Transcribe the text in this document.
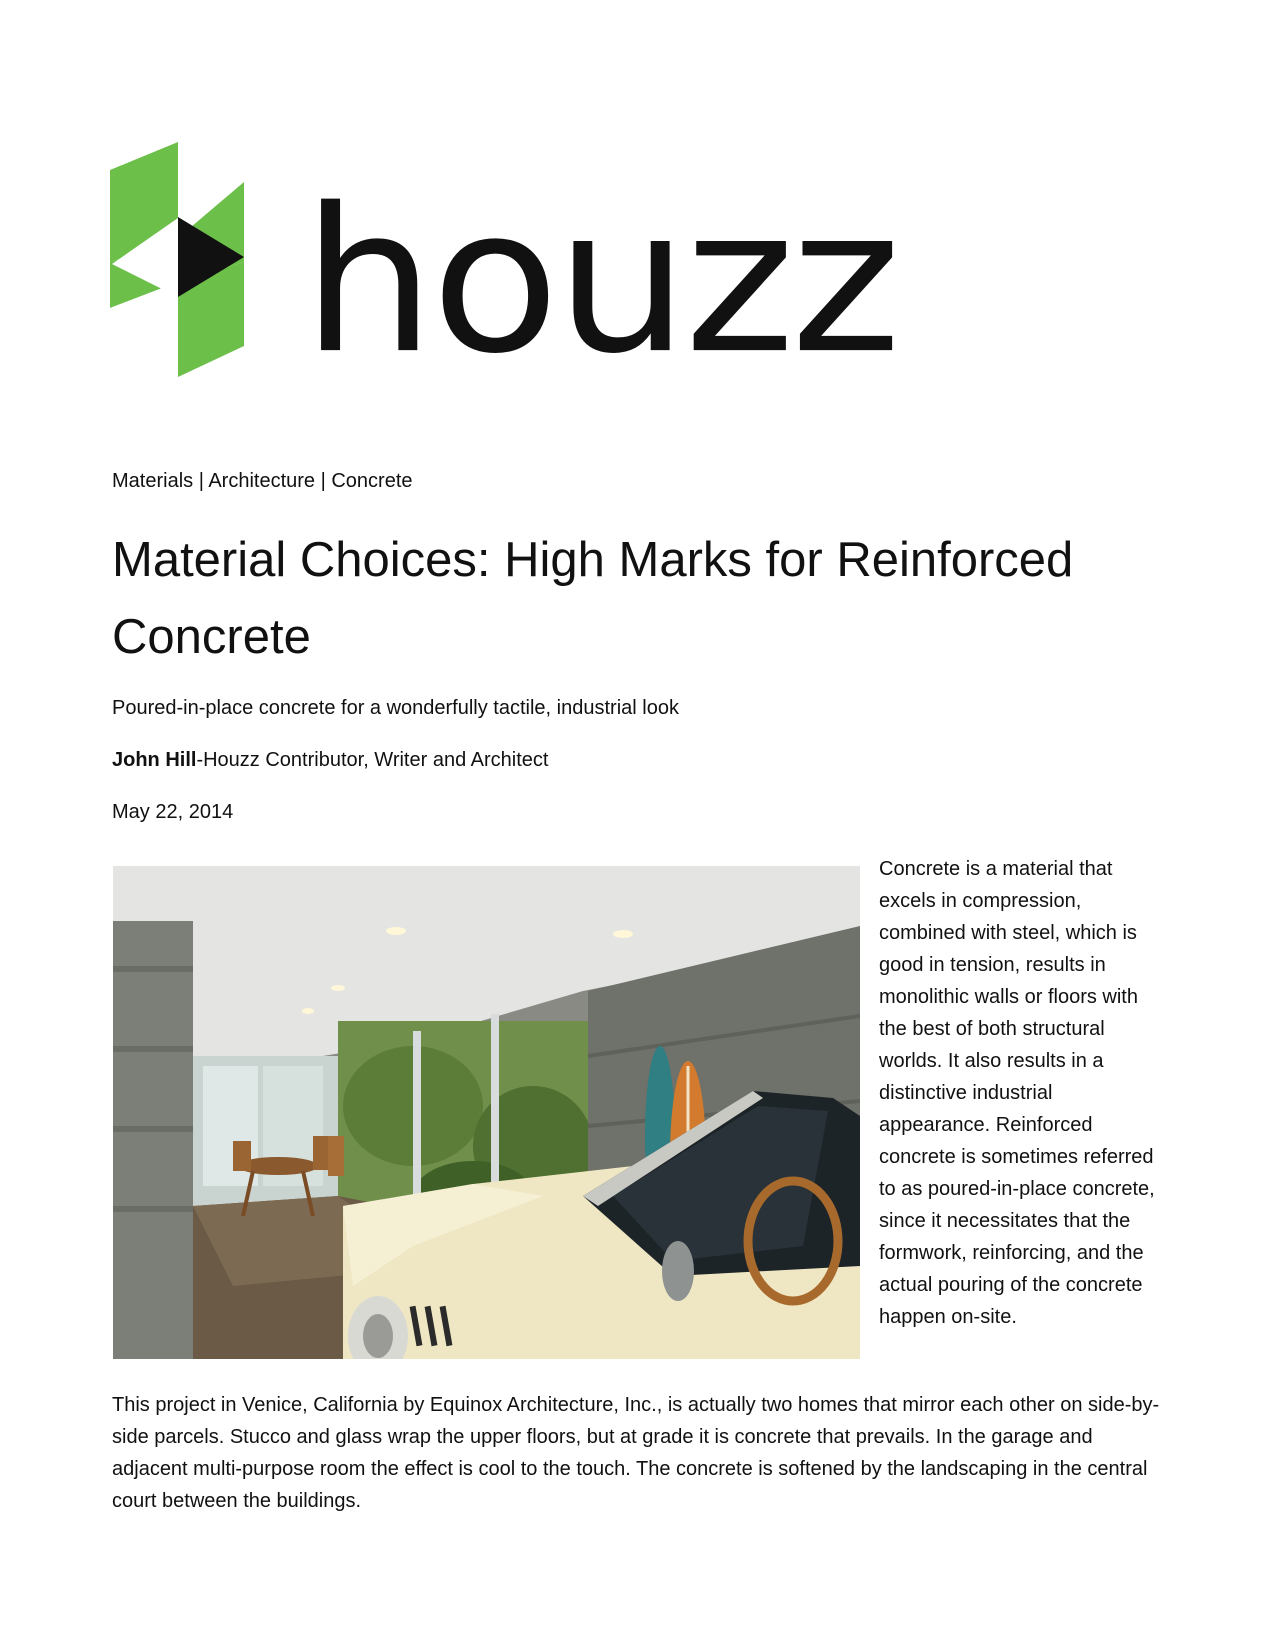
houzz
Materials | Architecture | Concrete
Material Choices: High Marks for Reinforced Concrete
Poured-in-place concrete for a wonderfully tactile, industrial look
John Hill-Houzz Contributor, Writer and Architect
May 22, 2014
Concrete is a material that excels in compression, combined with steel, which is good in tension, results in monolithic walls or floors with the best of both structural worlds. It also results in a distinctive industrial appearance. Reinforced concrete is sometimes referred to as poured-in-place concrete, since it necessitates that the formwork, reinforcing, and the actual pouring of the concrete happen on-site.
This project in Venice, California by Equinox Architecture, Inc., is actually two homes that mirror each other on side-by-side parcels. Stucco and glass wrap the upper floors, but at grade it is concrete that prevails. In the garage and adjacent multi-purpose room the effect is cool to the touch. The concrete is softened by the landscaping in the central court between the buildings.
